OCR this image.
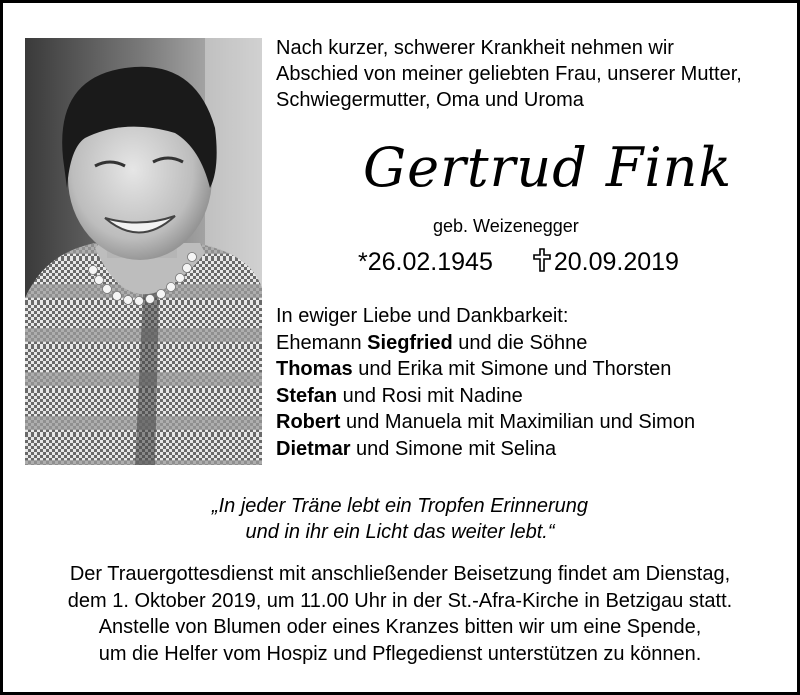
Nach kurzer, schwerer Krankheit nehmen wir
Abschied von meiner geliebten Frau, unserer Mutter,
Schwiegermutter, Oma und Uroma
Gertrud Fink
geb. Weizenegger
*26.02.1945 20.09.2019
In ewiger Liebe und Dankbarkeit:
Ehemann Siegfried und die Söhne
Thomas und Erika mit Simone und Thorsten
Stefan und Rosi mit Nadine
Robert und Manuela mit Maximilian und Simon
Dietmar und Simone mit Selina
„In jeder Träne lebt ein Tropfen Erinnerung
und in ihr ein Licht das weiter lebt.“
Der Trauergottesdienst mit anschließender Beisetzung findet am Dienstag,
dem 1. Oktober 2019, um 11.00 Uhr in der St.-Afra-Kirche in Betzigau statt.
Anstelle von Blumen oder eines Kranzes bitten wir um eine Spende,
um die Helfer vom Hospiz und Pflegedienst unterstützen zu können.
